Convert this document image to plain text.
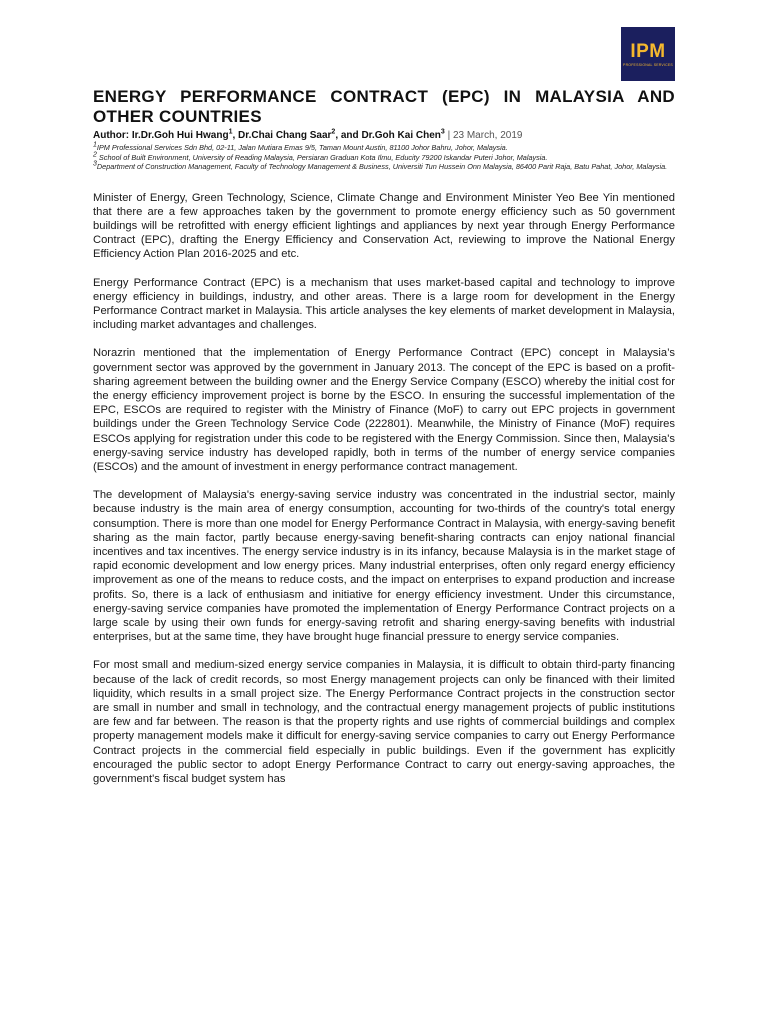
IPM
PROFESSIONAL SERVICES
ENERGY PERFORMANCE CONTRACT (EPC) IN MALAYSIA AND OTHER COUNTRIES
Author: Ir.Dr.Goh Hui Hwang$^1$, Dr.Chai Chang Saar$^2$, and Dr.Goh Kai Chen$^3$ | 23 March, 2019
$^1$IPM Professional Services Sdn Bhd, 02-11, Jalan Mutiara Emas 9/5, Taman Mount Austin, 81100 Johor Bahru, Johor, Malaysia.
$^2$ School of Built Environment, University of Reading Malaysia, Persiaran Graduan Kota Ilmu, Educity 79200 Iskandar Puteri Johor, Malaysia.
$^3$Department of Construction Management, Faculty of Technology Management & Business, Universiti Tun Hussein Onn Malaysia, 86400 Parit Raja, Batu Pahat, Johor, Malaysia.

Minister of Energy, Green Technology, Science, Climate Change and Environment Minister Yeo Bee Yin mentioned that there are a few approaches taken by the government to promote energy efficiency such as 50 government buildings will be retrofitted with energy efficient lightings and appliances by next year through Energy Performance Contract (EPC), drafting the Energy Efficiency and Conservation Act, reviewing to improve the National Energy Efficiency Action Plan 2016-2025 and etc.

Energy Performance Contract (EPC) is a mechanism that uses market-based capital and technology to improve energy efficiency in buildings, industry, and other areas. There is a large room for development in the Energy Performance Contract market in Malaysia. This article analyses the key elements of market development in Malaysia, including market advantages and challenges.

Norazrin mentioned that the implementation of Energy Performance Contract (EPC) concept in Malaysia’s government sector was approved by the government in January 2013. The concept of the EPC is based on a profit-sharing agreement between the building owner and the Energy Service Company (ESCO) whereby the initial cost for the energy efficiency improvement project is borne by the ESCO. In ensuring the successful implementation of the EPC, ESCOs are required to register with the Ministry of Finance (MoF) to carry out EPC projects in government buildings under the Green Technology Service Code (222801). Meanwhile, the Ministry of Finance (MoF) requires ESCOs applying for registration under this code to be registered with the Energy Commission. Since then, Malaysia's energy-saving service industry has developed rapidly, both in terms of the number of energy service companies (ESCOs) and the amount of investment in energy performance contract management.

The development of Malaysia's energy-saving service industry was concentrated in the industrial sector, mainly because industry is the main area of energy consumption, accounting for two-thirds of the country's total energy consumption. There is more than one model for Energy Performance Contract in Malaysia, with energy-saving benefit sharing as the main factor, partly because energy-saving benefit-sharing contracts can enjoy national financial incentives and tax incentives. The energy service industry is in its infancy, because Malaysia is in the market stage of rapid economic development and low energy prices. Many industrial enterprises, often only regard energy efficiency improvement as one of the means to reduce costs, and the impact on enterprises to expand production and increase profits. So, there is a lack of enthusiasm and initiative for energy efficiency investment. Under this circumstance, energy-saving service companies have promoted the implementation of Energy Performance Contract projects on a large scale by using their own funds for energy-saving retrofit and sharing energy-saving benefits with industrial enterprises, but at the same time, they have brought huge financial pressure to energy service companies.

For most small and medium-sized energy service companies in Malaysia, it is difficult to obtain third-party financing because of the lack of credit records, so most Energy management projects can only be financed with their limited liquidity, which results in a small project size. The Energy Performance Contract projects in the construction sector are small in number and small in technology, and the contractual energy management projects of public institutions are few and far between. The reason is that the property rights and use rights of commercial buildings and complex property management models make it difficult for energy-saving service companies to carry out Energy Performance Contract projects in the commercial field especially in public buildings. Even if the government has explicitly encouraged the public sector to adopt Energy Performance Contract to carry out energy-saving approaches, the government's fiscal budget system has
